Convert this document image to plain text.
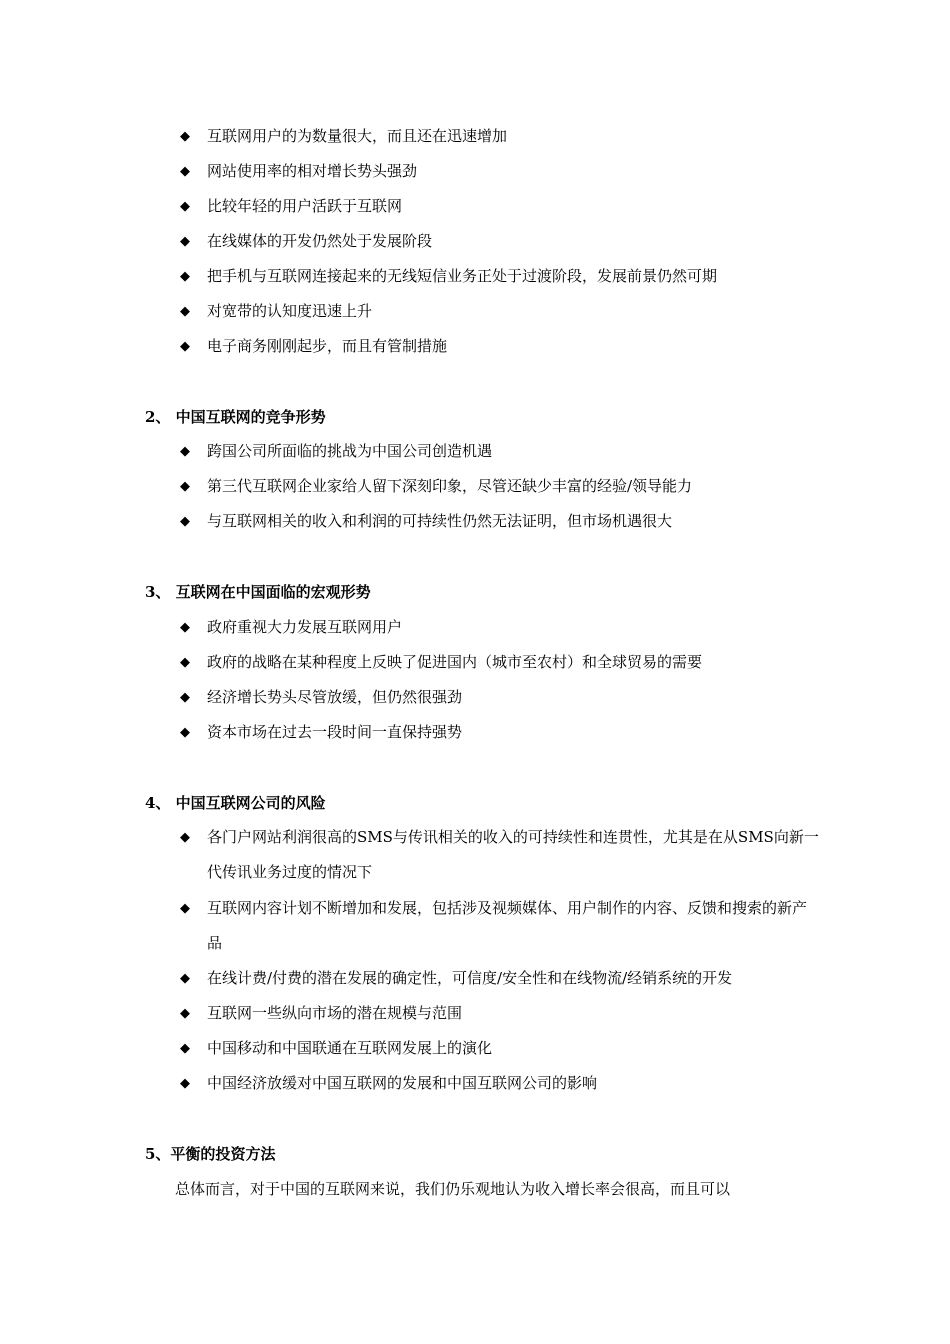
◆	互联网用户的为数量很大，而且还在迅速增加
◆	网站使用率的相对增长势头强劲
◆	比较年轻的用户活跃于互联网
◆	在线媒体的开发仍然处于发展阶段
◆	把手机与互联网连接起来的无线短信业务正处于过渡阶段，发展前景仍然可期
◆	对宽带的认知度迅速上升
◆	电子商务刚刚起步，而且有管制措施
2、 中国互联网的竞争形势
◆	跨国公司所面临的挑战为中国公司创造机遇
◆	第三代互联网企业家给人留下深刻印象，尽管还缺少丰富的经验/领导能力
◆	与互联网相关的收入和利润的可持续性仍然无法证明，但市场机遇很大
3、 互联网在中国面临的宏观形势
◆	政府重视大力发展互联网用户
◆	政府的战略在某种程度上反映了促进国内（城市至农村）和全球贸易的需要
◆	经济增长势头尽管放缓，但仍然很强劲
◆	资本市场在过去一段时间一直保持强势
4、 中国互联网公司的风险
◆	各门户网站利润很高的SMS与传讯相关的收入的可持续性和连贯性，尤其是在从SMS向新一代传讯业务过度的情况下
◆	互联网内容计划不断增加和发展，包括涉及视频媒体、用户制作的内容、反馈和搜索的新产品
◆	在线计费/付费的潜在发展的确定性，可信度/安全性和在线物流/经销系统的开发
◆	互联网一些纵向市场的潜在规模与范围
◆	中国移动和中国联通在互联网发展上的演化
◆	中国经济放缓对中国互联网的发展和中国互联网公司的影响
5、平衡的投资方法
总体而言，对于中国的互联网来说，我们仍乐观地认为收入增长率会很高，而且可以
